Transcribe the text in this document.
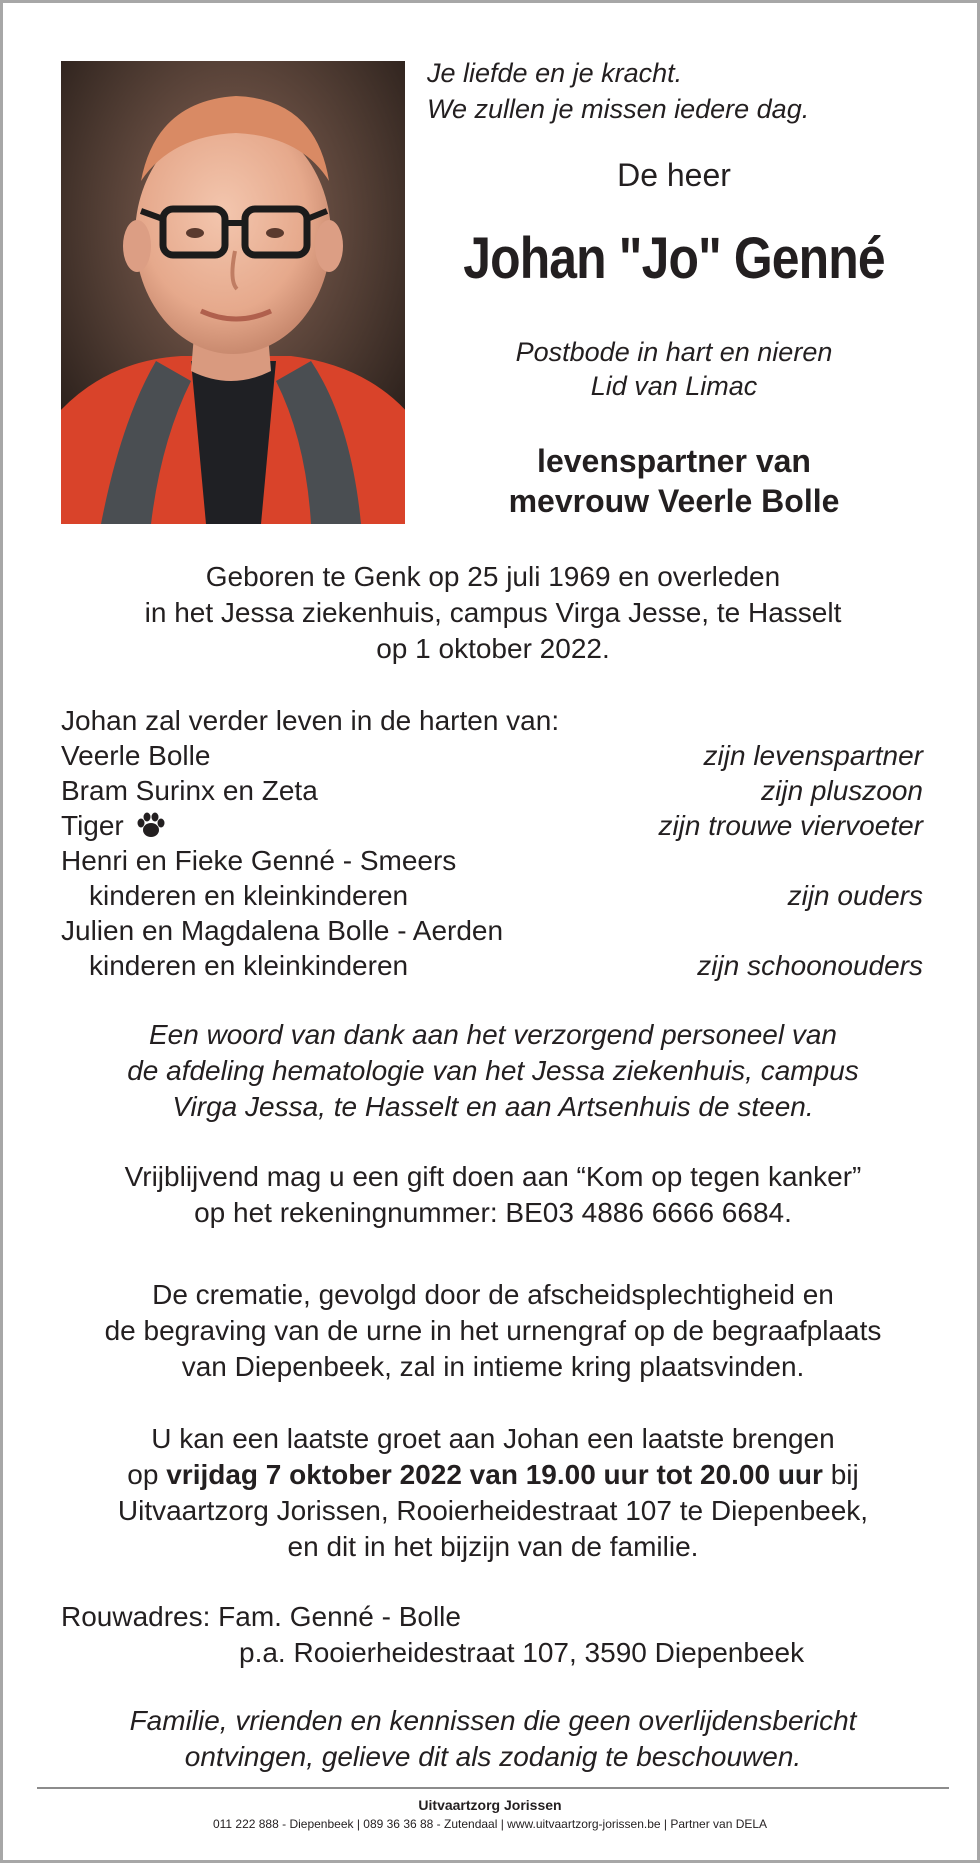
Je liefde en je kracht.
We zullen je missen iedere dag.
De heer
Johan "Jo" Genné
Postbode in hart en nieren
Lid van Limac
levenspartner van
mevrouw Veerle Bolle
Geboren te Genk op 25 juli 1969 en overleden
in het Jessa ziekenhuis, campus Virga Jesse, te Hasselt
op 1 oktober 2022.
Johan zal verder leven in de harten van:
Veerle Bolle	zijn levenspartner
Bram Surinx en Zeta	zijn pluszoon
Tiger	zijn trouwe viervoeter
Henri en Fieke Genné - Smeers
kinderen en kleinkinderen	zijn ouders
Julien en Magdalena Bolle - Aerden
kinderen en kleinkinderen	zijn schoonouders
Een woord van dank aan het verzorgend personeel van
de afdeling hematologie van het Jessa ziekenhuis, campus
Virga Jessa, te Hasselt en aan Artsenhuis de steen.
Vrijblijvend mag u een gift doen aan “Kom op tegen kanker”
op het rekeningnummer: BE03 4886 6666 6684.
De crematie, gevolgd door de afscheidsplechtigheid en
de begraving van de urne in het urnengraf op de begraafplaats
van Diepenbeek, zal in intieme kring plaatsvinden.
U kan een laatste groet aan Johan een laatste brengen
op vrijdag 7 oktober 2022 van 19.00 uur tot 20.00 uur bij
Uitvaartzorg Jorissen, Rooierheidestraat 107 te Diepenbeek,
en dit in het bijzijn van de familie.
Rouwadres: Fam. Genné - Bolle
p.a. Rooierheidestraat 107, 3590 Diepenbeek
Familie, vrienden en kennissen die geen overlijdensbericht
ontvingen, gelieve dit als zodanig te beschouwen.
Uitvaartzorg Jorissen
011 222 888 - Diepenbeek | 089 36 36 88 - Zutendaal | www.uitvaartzorg-jorissen.be | Partner van DELA
